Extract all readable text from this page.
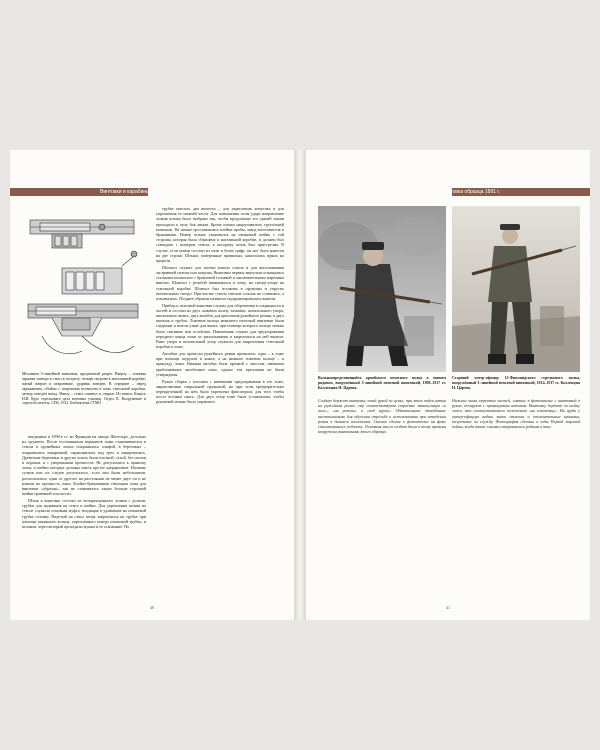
Винтовки и карабины Российской армии
Механизм 3-линейной винтовки, предельный разрез. Вверху – ложевая заряжка затвора в ствол в застрелу, четыре патрона в магазинной коробке, пятый патрон в патроннике, ударник взведён. В середине – перед заряжанием, обойма с патронами вставлена в пазы ствольной коробки, затвор отведён назад. Внизу – ствол откинут и открыт. Из книги: Кнаусъ И.В. Курс стрелковаго дела военных училищ. Отдел II. Вооружение и стрельба пехоты. СПб, 1912. Библиотека ГТМО

введенных в 1890-е гг. во Франции на заводе Шательро, детально их оружием. После постоянными вариантов ложи становившихся в ствола в оружейных ложах покрывались олифой, в березовых – покрывались лакировкой, окрашивались под орех и лакировались. Древесина березовых и других ложах были плотной, сухой, без сколов и пороков, и с умеренными прочности. Не допускались к прямому ложи, и шейки которых должны иметь крутое направление. Наличие сучков или их следов допускалось, если они были небольшими, располагались один от другого на расстоянии не менее двух см и не влияли на прочность ложи. Клейко-бракованная ствольная ложа для винтовки «образца». так не становилась также больше горловой шейки приемной плоскости.

Штык к винтовке состоял из четырехгранного лезвия с долами, трубки для надевания на ствол и шейки. Для укрепления штыка на стволе служили основная муфта, входящая в удлинение на штыковой трубке головку. Надетый на ствол штык закреплялся на трубке при помощи зажимного кольца, укрепленного поверх штыковой трубки, и штыком, через который проходили мушка и ее основание. На

трубке имелась два вычетка – для укрепления хомутика и для упрочнения ее нижней части. Для повышения силы удара направление лезвия штыка было выбрано так, чтобы продольные его граней линии проходили к полу боя линии. Кроме штыка накручивались тругильной капюшон. На штыке проставлялись клейма пробы, завод-изготовителя и бракования. Номер штыка указывался на штыковой шейке с той стороны, которая была обращена к магазинной коробке, и должен был совпадать с номером ствола, к которому штык был пристрелян. В случае, если номер состоял из пяти и более цифр, он мог быть нанесен на две строки. Штыки, поверенные правильно, наносилась прямо на прорези.

Шомпол служил для чистки канала ствола и для выталкивания застрявшей гильзы или патрона. Винтовки первых выпусков оснащались стальным шомполом с бронзовой головкой и заключительным нарезным винтом. Шомпол с резьбой ввинчивался в ложу, на гнезде-упоре на ствольной коробке. Шомпол был вставлен в пружины и упругих шомпольных гнездо. При чистке ствола стволов сплошь не ставились, а извлекались. Позднее образцы шомпола модернизировались винтом.

Прибор к пехотной винтовке служил для сбережения в сохранности и частей и состоял из двух ложевых колец, захватки, шомпольного упора, шпоночного винта, двух антабок для крепления ружейного ремня, и двух шпонок и трубок. Ложевые кольца меньшего пехотной винтовки были гладкими и имели узкие для винта, при помощи которого кольцо можно было стягивать или ослаблять. Наконечник служил для предохранения переднего конца ложи от раскалывания и закреплялся на ней винтом. Винт упора и шомпольной упор служили для закрепления ствольной коробки в ложе.

Антабки для пропуска ружейного ремня крепились: одна – к ложе при помощи шурупов и винта, а на нижнем ложевом кольце – к прикладу ложи. Нижняя антабка была крепкой с хвостом, имевшим приближённое антабочное окно, однако эти крепления не были утверждены.

Ружье сборка с плоским с имевшими предохранения в его ложе, закрепляемым спиральной пружиной, но при этом предварительно перекрученной на нём была укреплена фиксатором, для того чтобы после вставки снять. Для двух опор тоже была установлена, чтобы рукояткой можно было управлять.

40
3-линейная винтовка образца 1891 г.
Вольноопределяющийся армейского пехотного полка в зимнем рядовом, вооружённый 3-линейной пехотной винтовкой, 1908–1917 гг. Коллекция Н. Царева.
Солдат держит винтовку левой рукой за цевье, при этом виден штык на ружейном ремне, ему соответствуют строевые манипуляции «к ноге», «на ремень» и «под курок». Обязательные отведённые наставлениями для обучения стрельбе и использования при отведении ремня в дальнем положении. Снимок сделан в фотоателье на фоне стилизованного пейзажа. Основная масса солдат была к тому времени вооружена винтовками этого образца.
Старший унтер-офицер 12-Финляндского стрелкового полка, вооружённый 3-линейной пехотной винтовкой, 1914–1917 гг. Коллекция Н. Царева.
Нижние чины строевых частей, снятые в фотоателье с винтовкой в руках, позируют с примкнутым штыком. Винтовку держат за шейку ложи, что соответствовало положению «на изготовку». На груди у унтер-офицера видны знаки отличия и отличительные нашивки, полученные за службу. Фотография сделана в годы Первой мировой войны, когда такие снимки отправлялись родным в тыл.
41
